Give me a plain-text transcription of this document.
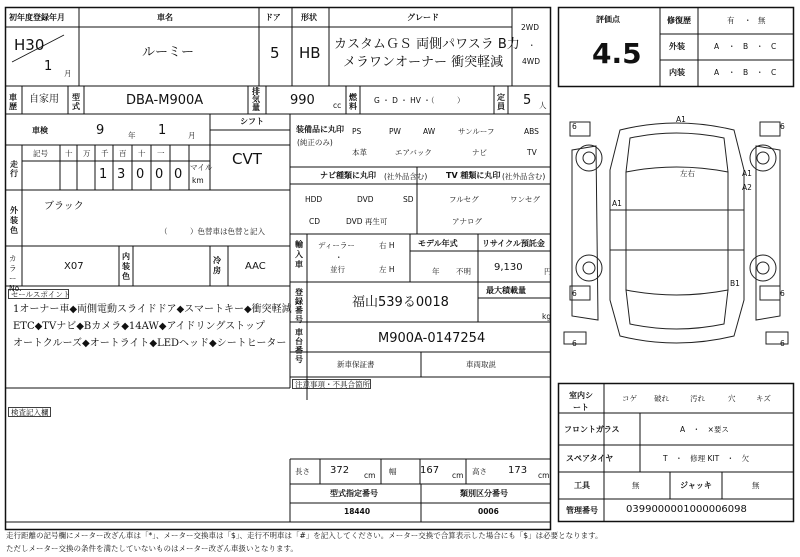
A1
A1
A2
A1
B1
左右
6	6
6	6
6	6
初年度登録年月	車名	ドア	形状	グレード
H30
1 月
ルーミー	5 HB カスタムＧＳ 両側パワスラ B力
メラワンオーナー 衝突軽減
2WD
・
4WD
評価点
4.5
修復歴	有 ・ 無
外装	A ・ B ・ C
内装	A ・ B ・ C
車歴
自家用 型式	DBA-M900A
排気量	990 cc
燃料
G ・ D ・ HV ・（　　　）	定員 5 人
車検	9	年 1	月
シフト
CVT
走行
記号 十 万 千 百 十 一
1 3 0 0 0 マイル
km
装備品に丸印
(純正のみ)
PS	PW	AW	サンルーフ	ABS
本革	エアバック	ナビ	TV
ナビ種類に丸印 (社外品含む)
HDD	DVD	SD
CD	DVD 再生可
TV 種類に丸印 (社外品含む)
フルセグ	ワンセグ
アナログ
外装色
ブラック
（　　　）色替車は色替と記入
輸入車
ディーラー
・
並行
右 H
左 H
モデル年式
年 不明
リサイクル預託金
9,130	円
カラーNo.
X07
内装色
冷房 AAC
登録番号
福山539る0018
最大積載量
kg
車台番号
M900A-0147254
新車保証書	車両取説
注意事項・不具合箇所
セールスポイント
1オーナー車◆両側電動スライドドア◆スマートキー◆衝突軽減
ETC◆TVナビ◆Bカメラ◆14AW◆アイドリングストップ
オートクルーズ◆オートライト◆LEDヘッド◆シートヒーター
検査記入欄
長さ 372 cm 幅 167 cm 高さ 173 cm
型式指定番号
18440
類別区分番号
0006
室内シート
コゲ 破れ	汚れ	穴	キズ
フロントガラス	A　・　×要ス
スペアタイヤ	T　・　修理 KIT　・　欠
工具	無	ジャッキ	無
管理番号	0399000001000006098
走行距離の記号欄にメーター改ざん車は「*」、メーター交換車は「$」、走行不明車は「#」を記入してください。メーター交換で合算表示した場合にも「$」は必要となります。
ただしメーター交換の条件を満たしていないものはメーター改ざん車扱いとなります。
